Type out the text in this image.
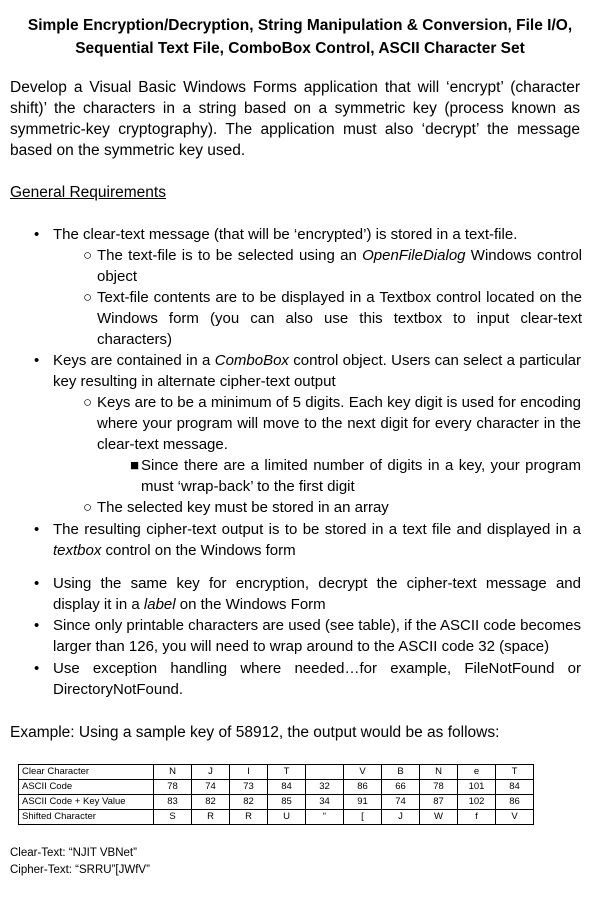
Simple Encryption/Decryption, String Manipulation & Conversion, File I/O,
Sequential Text File, ComboBox Control, ASCII Character Set
Develop a Visual Basic Windows Forms application that will ‘encrypt’ (character shift)’ the characters in a string based on a symmetric key (process known as symmetric-key cryptography). The application must also ‘decrypt’ the message based on the symmetric key used.
General Requirements
• The clear-text message (that will be ‘encrypted’) is stored in a text-file.
○ The text-file is to be selected using an OpenFileDialog Windows control object
○ Text-file contents are to be displayed in a Textbox control located on the Windows form (you can also use this textbox to input clear-text characters)
• Keys are contained in a ComboBox control object. Users can select a particular key resulting in alternate cipher-text output
○ Keys are to be a minimum of 5 digits. Each key digit is used for encoding where your program will move to the next digit for every character in the clear-text message.
■ Since there are a limited number of digits in a key, your program must ‘wrap-back’ to the first digit
○ The selected key must be stored in an array
• The resulting cipher-text output is to be stored in a text file and displayed in a textbox control on the Windows form
• Using the same key for encryption, decrypt the cipher-text message and display it in a label on the Windows Form
• Since only printable characters are used (see table), if the ASCII code becomes larger than 126, you will need to wrap around to the ASCII code 32 (space)
• Use exception handling where needed…for example, FileNotFound or DirectoryNotFound.
Example: Using a sample key of 58912, the output would be as follows:
Clear Character	N	J	I	T		V	B	N	e	T
ASCII Code	78	74	73	84	32	86	66	78	101	84
ASCII Code + Key Value	83	82	82	85	34	91	74	87	102	86
Shifted Character	S	R	R	U	“	[	J	W	f	V
Clear-Text: “NJIT VBNet”
Cipher-Text: “SRRU”[JWfV”
